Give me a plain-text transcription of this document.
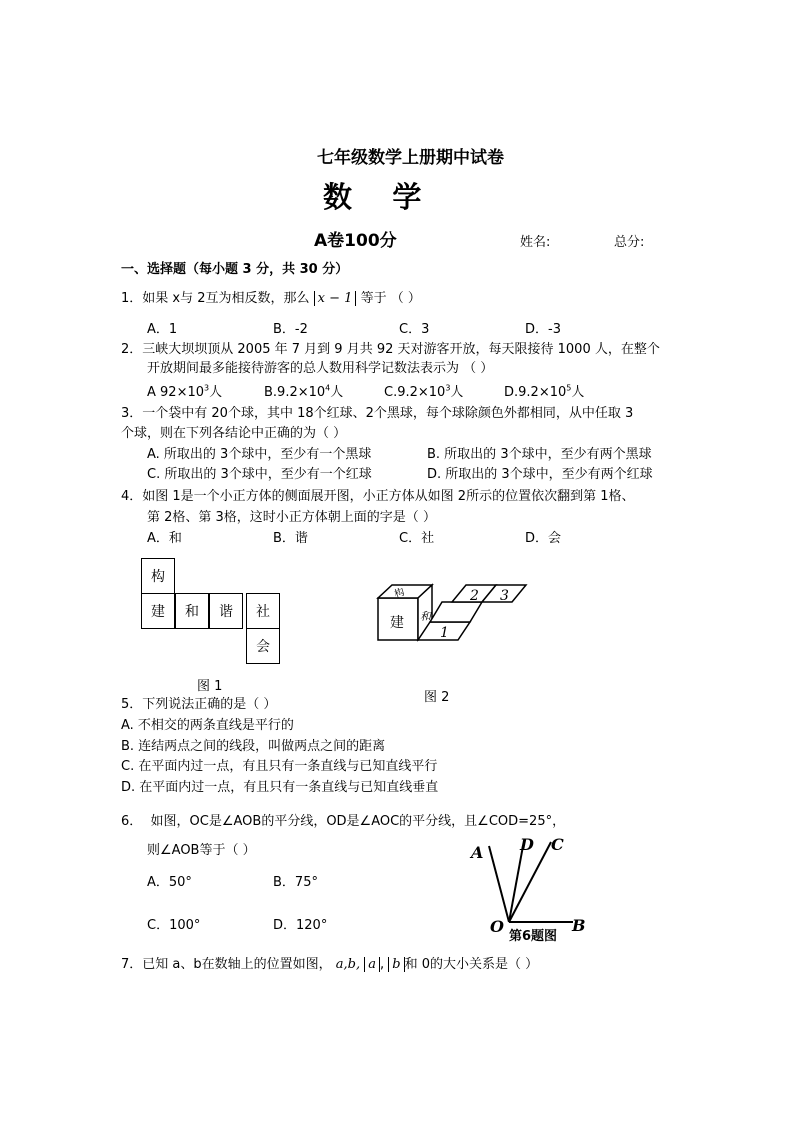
七年级数学上册期中试卷
数    学
A卷100分	姓名:	总分:
一、选择题（每小题 3 分，共 30 分）
1．如果 x与 2互为相反数，那么 x − 1 等于 （ ）
A．1	B．-2	C．3	D．-3
2．三峡大坝坝顶从 2005 年 7 月到 9 月共 92 天对游客开放，每天限接待 1000 人，在整个
开放期间最多能接待游客的总人数用科学记数法表示为 （ ）
A $92\times 10^3$人	$B.9.2\times 10^4$人	$C.9.2\times 10^3$人	$D.9.2\times 10^5$人
3．一个袋中有 20个球，其中 18个红球、2个黑球，每个球除颜色外都相同，从中任取 3
个球，则在下列各结论中正确的为（ ）
A. 所取出的 3个球中，至少有一个黑球	B. 所取出的 3个球中，至少有两个黑球
C. 所取出的 3个球中，至少有一个红球	D. 所取出的 3个球中，至少有两个红球
4．如图 1是一个小正方体的侧面展开图，小正方体从如图 2所示的位置依次翻到第 1格、
第 2格、第 3格，这时小正方体朝上面的字是（ ）
A．和	B．谐	C．社	D．会
构
建	和	谐	社
会
图 1
构
建 和
1
2 3
图 2
5．下列说法正确的是（ ）
A. 不相交的两条直线是平行的
B. 连结两点之间的线段，叫做两点之间的距离
C. 在平面内过一点，有且只有一条直线与已知直线平行
D. 在平面内过一点，有且只有一条直线与已知直线垂直
6．  如图，OC是∠AOB的平分线，OD是∠AOC的平分线，且∠COD=25°，
则∠AOB等于（ ）
A．50°	B．75°
C．100°	D．120°
A D C
O	B
第6题图
7．已知 a、b在数轴上的位置如图， a,b, a , b 和 0的大小关系是（ ）
